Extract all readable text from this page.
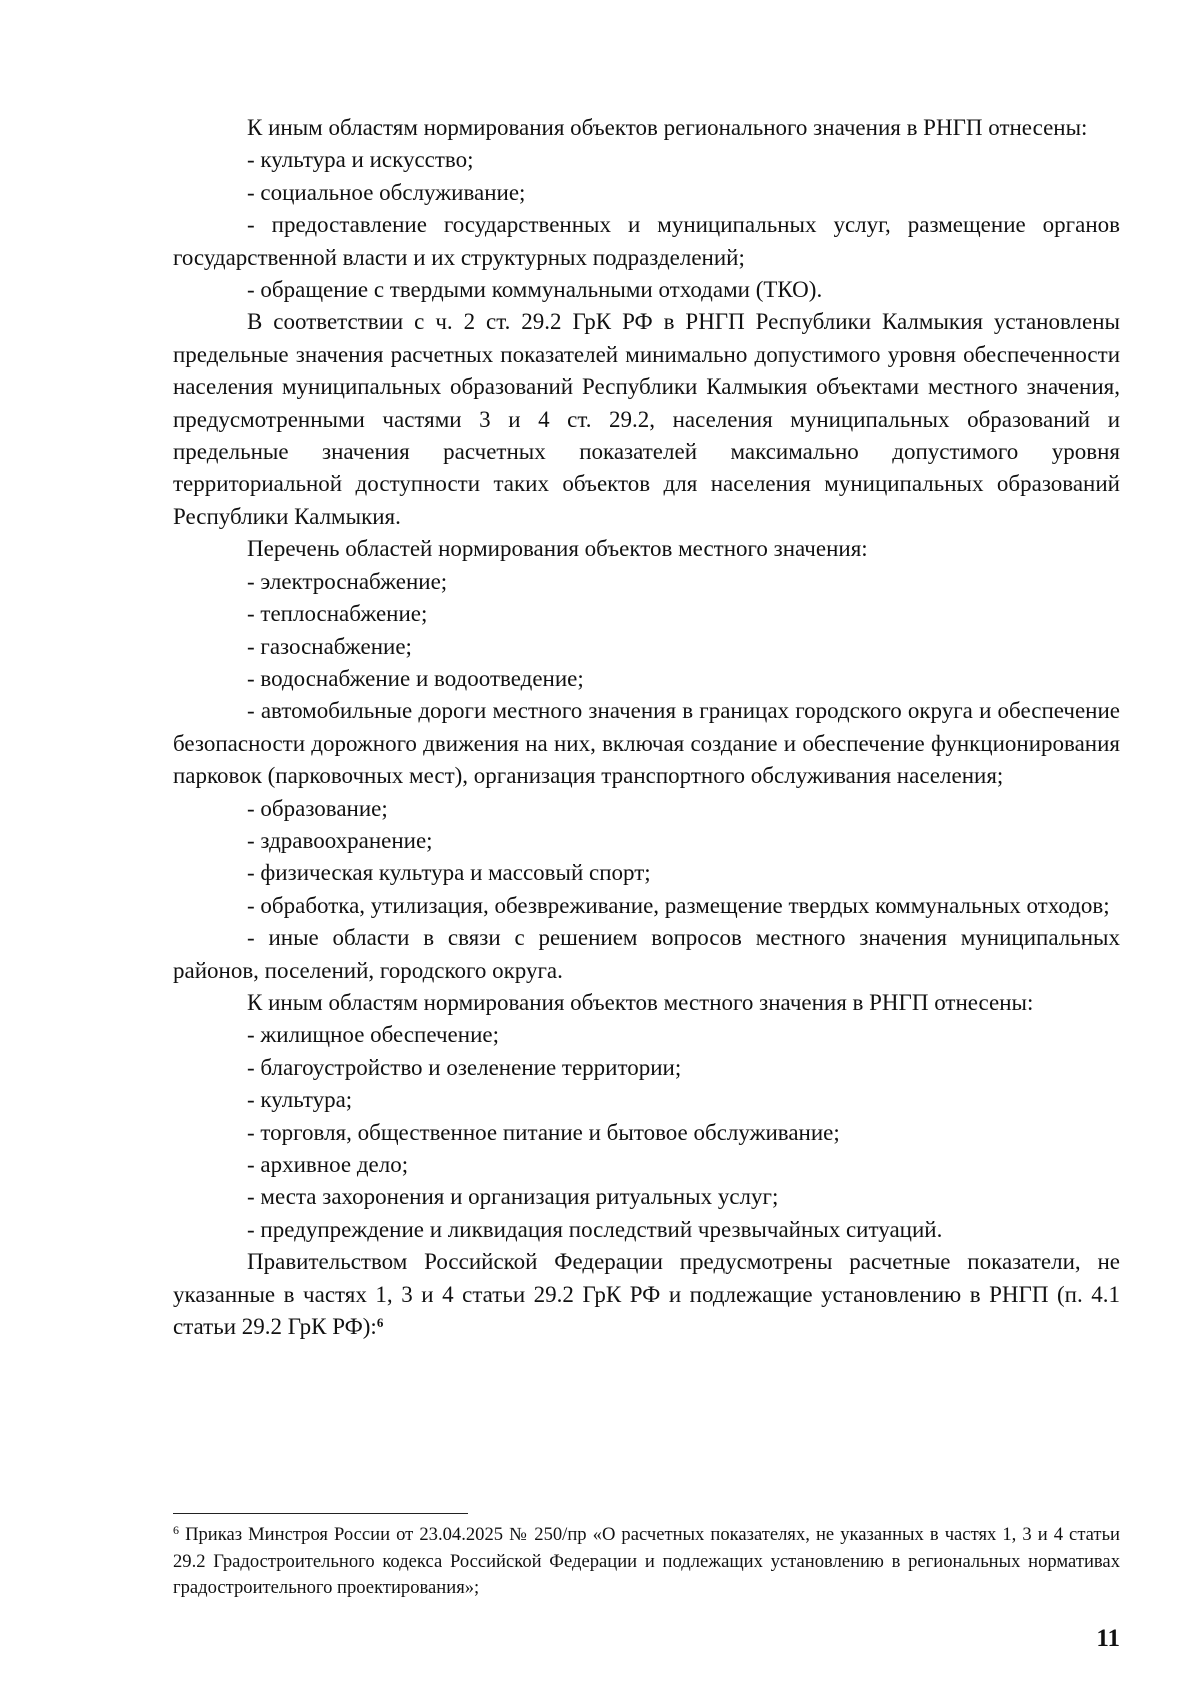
К иным областям нормирования объектов регионального значения в РНГП отнесены:

- культура и искусство;

- социальное обслуживание;

- предоставление государственных и муниципальных услуг, размещение органов государственной власти и их структурных подразделений;

- обращение с твердыми коммунальными отходами (ТКО).

В соответствии с ч. 2 ст. 29.2 ГрК РФ в РНГП Республики Калмыкия установлены предельные значения расчетных показателей минимально допустимого уровня обеспеченности населения муниципальных образований Республики Калмыкия объектами местного значения, предусмотренными частями 3 и 4 ст. 29.2, населения муниципальных образований и предельные значения расчетных показателей максимально допустимого уровня территориальной доступности таких объектов для населения муниципальных образований Республики Калмыкия.

Перечень областей нормирования объектов местного значения:

- электроснабжение;

- теплоснабжение;

- газоснабжение;

- водоснабжение и водоотведение;

- автомобильные дороги местного значения в границах городского округа и обеспечение безопасности дорожного движения на них, включая создание и обеспечение функционирования парковок (парковочных мест), организация транспортного обслуживания населения;

- образование;

- здравоохранение;

- физическая культура и массовый спорт;

- обработка, утилизация, обезвреживание, размещение твердых коммунальных отходов;

- иные области в связи с решением вопросов местного значения муниципальных районов, поселений, городского округа.

К иным областям нормирования объектов местного значения в РНГП отнесены:

- жилищное обеспечение;

- благоустройство и озеленение территории;

- культура;

- торговля, общественное питание и бытовое обслуживание;

- архивное дело;

- места захоронения и организация ритуальных услуг;

- предупреждение и ликвидация последствий чрезвычайных ситуаций.

Правительством Российской Федерации предусмотрены расчетные показатели, не указанные в частях 1, 3 и 4 статьи 29.2 ГрК РФ и подлежащие установлению в РНГП (п. 4.1 статьи 29.2 ГрК РФ):$^6$

$^6$ Приказ Минстроя России от 23.04.2025 № 250/пр «О расчетных показателях, не указанных в частях 1, 3 и 4 статьи 29.2 Градостроительного кодекса Российской Федерации и подлежащих установлению в региональных нормативах градостроительного проектирования»;

11
